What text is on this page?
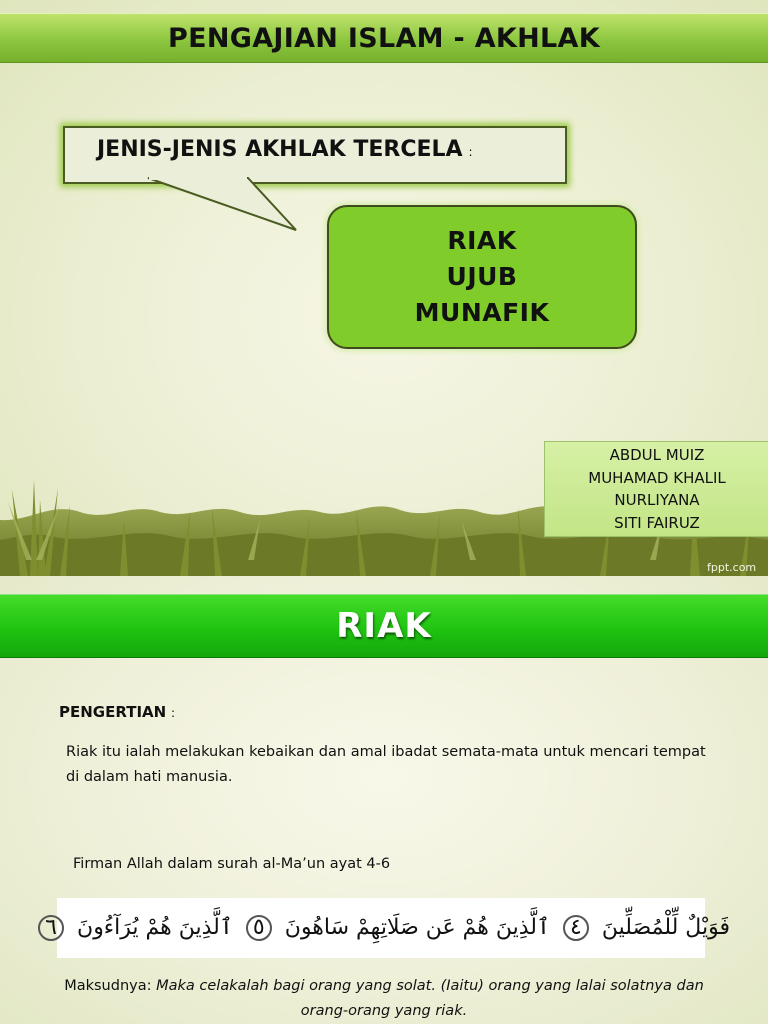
PENGAJIAN ISLAM - AKHLAK
JENIS-JENIS AKHLAK TERCELA :
RIAK
UJUB
MUNAFIK
ABDUL MUIZ
MUHAMAD KHALIL
NURLIYANA
SITI FAIRUZ
fppt.com
RIAK
PENGERTIAN :
Riak itu ialah melakukan kebaikan dan amal ibadat semata-mata untuk mencari tempat di dalam hati manusia.
Firman Allah dalam surah al-Ma’un ayat 4-6
فَوَيْلٌ لِّلْمُصَلِّينَ ٤ ٱلَّذِينَ هُمْ عَن صَلَاتِهِمْ سَاهُونَ ٥ ٱلَّذِينَ هُمْ يُرَآءُونَ ٦
Maksudnya: Maka celakalah bagi orang yang solat. (Iaitu) orang yang lalai solatnya dan orang-orang yang riak.
